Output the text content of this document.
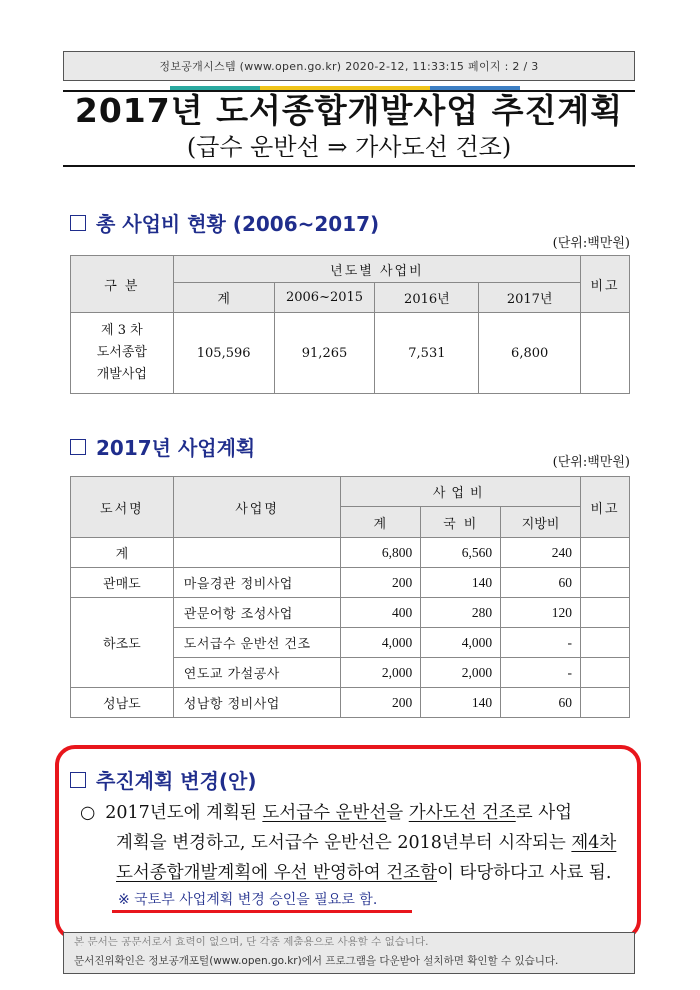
정보공개시스템 (www.open.go.kr) 2020-2-12, 11:33:15 페이지 : 2 / 3
2017년 도서종합개발사업 추진계획
(급수 운반선 ⇒ 가사도선 건조)
총 사업비 현황 (2006~2017)
(단위:백만원)
구 분	년도별 사업비				비고
	계	2006~2015	2016년	2017년	

제 3 차
도서종합
개발사업	105,596	91,265	7,531	6,800	
2017년 사업계획
(단위:백만원)
도서명	사업명	사업비			비고
		계	국 비	지방비	
계		6,800	6,560	240	
관매도	마을경관 정비사업	200	140	60	
하조도	관문어항 조성사업	400	280	120	
	도서급수 운반선 건조	4,000	4,000	-	
	연도교 가설공사	2,000	2,000	-	
성남도	성남항 정비사업	200	140	60	
추진계획 변경(안)
○ 2017년도에 계획된 도서급수 운반선을 가사도선 건조로 사업
계획을 변경하고, 도서급수 운반선은 2018년부터 시작되는 제4차
도서종합개발계획에 우선 반영하여 건조함이 타당하다고 사료 됨.
※ 국토부 사업계획 변경 승인을 필요로 함.
본 문서는 공문서로서 효력이 없으며, 단 각종 제출용으로 사용할 수 없습니다.
문서진위확인은 정보공개포털(www.open.go.kr)에서 프로그램을 다운받아 설치하면 확인할 수 있습니다.
